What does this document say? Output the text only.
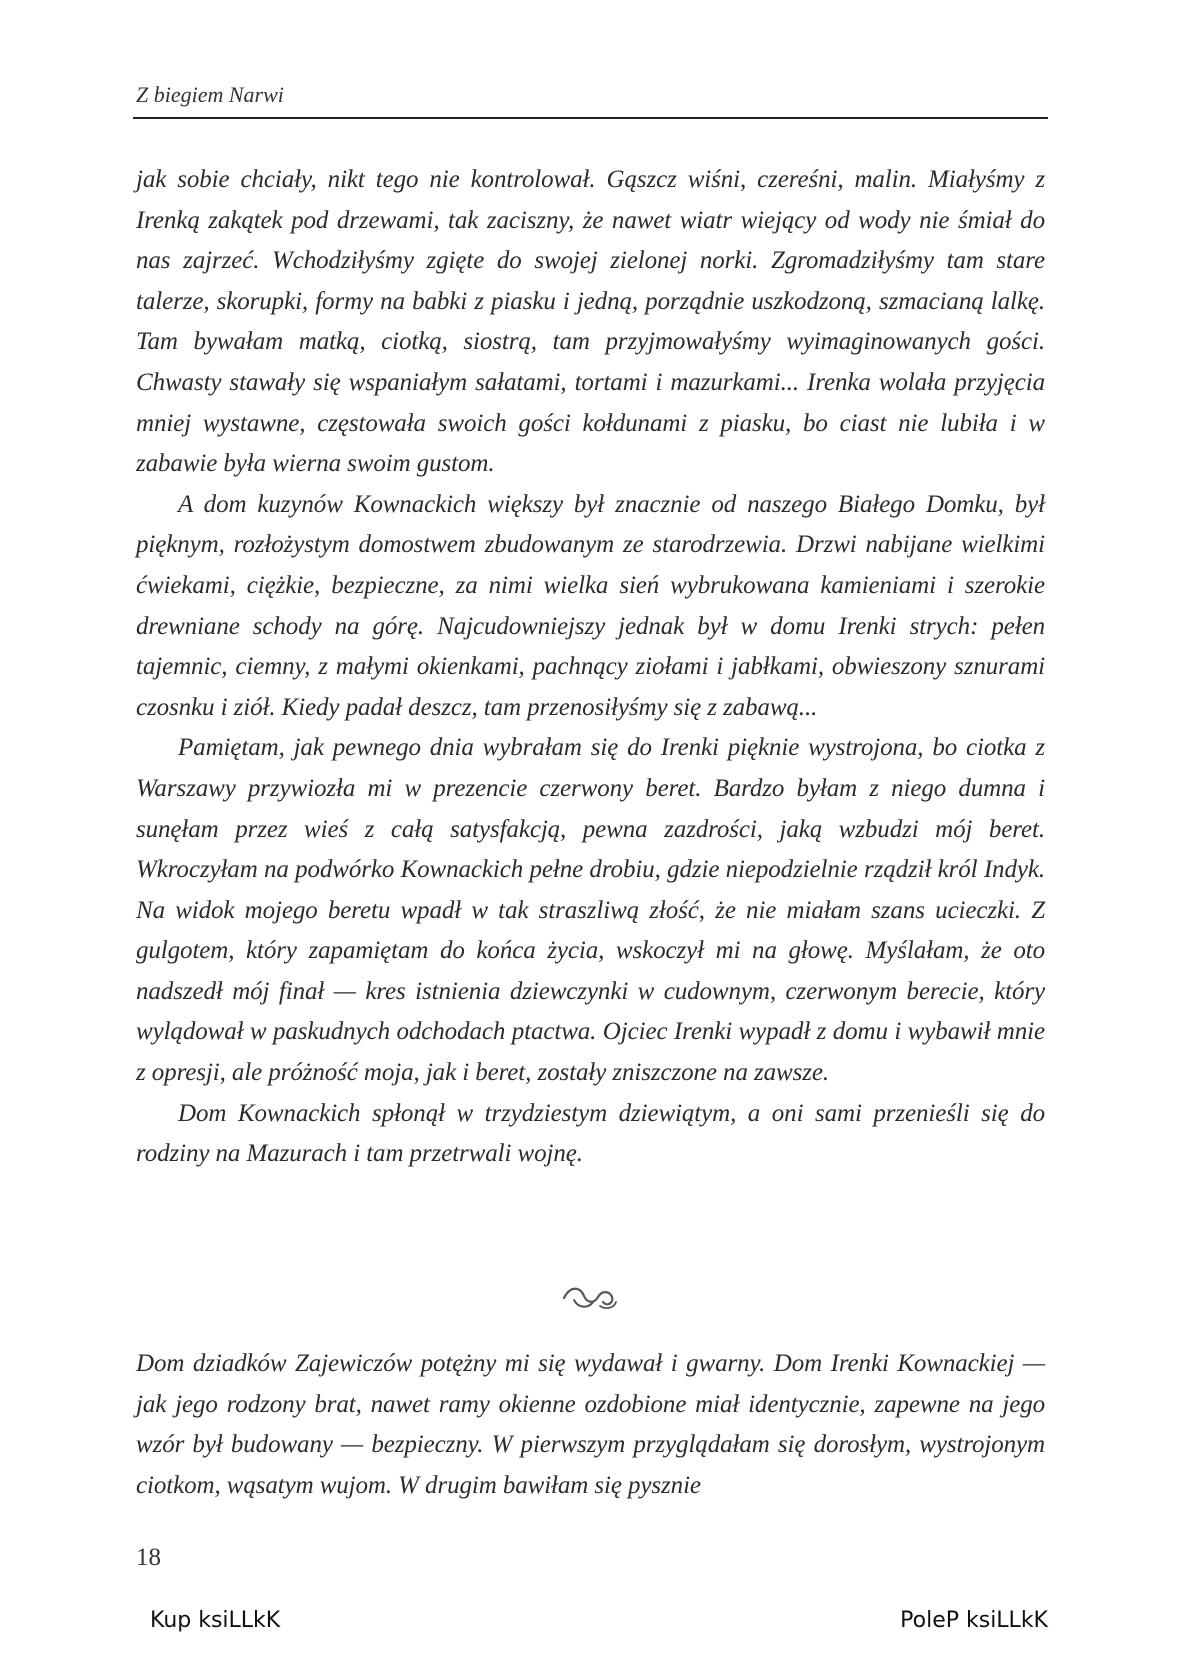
Z biegiem Narwi

jak sobie chciały, nikt tego nie kontrolował. Gąszcz wiśni, czereśni, malin. Miałyśmy z Irenką zakątek pod drzewami, tak zaciszny, że nawet wiatr wiejący od wody nie śmiał do nas zajrzeć. Wchodziłyśmy zgięte do swojej zielonej norki. Zgromadziłyśmy tam stare talerze, skorupki, formy na babki z piasku i jedną, porządnie uszkodzoną, szmacianą lalkę. Tam bywałam matką, ciotką, siostrą, tam przyjmowałyśmy wyimaginowanych gości. Chwasty stawały się wspaniałym sałatami, tortami i mazurkami... Irenka wolała przyjęcia mniej wystawne, częstowała swoich gości kołdunami z piasku, bo ciast nie lubiła i w zabawie była wierna swoim gustom.

A dom kuzynów Kownackich większy był znacznie od naszego Białego Domku, był pięknym, rozłożystym domostwem zbudowanym ze starodrzewia. Drzwi nabijane wielkimi ćwiekami, ciężkie, bezpieczne, za nimi wielka sień wybrukowana kamieniami i szerokie drewniane schody na górę. Najcudowniejszy jednak był w domu Irenki strych: pełen tajemnic, ciemny, z małymi okienkami, pachnący ziołami i jabłkami, obwieszony sznurami czosnku i ziół. Kiedy padał deszcz, tam przenosiłyśmy się z zabawą...

Pamiętam, jak pewnego dnia wybrałam się do Irenki pięknie wystrojona, bo ciotka z Warszawy przywiozła mi w prezencie czerwony beret. Bardzo byłam z niego dumna i sunęłam przez wieś z całą satysfakcją, pewna zazdrości, jaką wzbudzi mój beret. Wkroczyłam na podwórko Kownackich pełne drobiu, gdzie niepodzielnie rządził król Indyk. Na widok mojego beretu wpadł w tak straszliwą złość, że nie miałam szans ucieczki. Z gulgotem, który zapamiętam do końca życia, wskoczył mi na głowę. Myślałam, że oto nadszedł mój finał — kres istnienia dziewczynki w cudownym, czerwonym berecie, który wylądował w paskudnych odchodach ptactwa. Ojciec Irenki wypadł z domu i wybawił mnie z opresji, ale próżność moja, jak i beret, zostały zniszczone na zawsze.

Dom Kownackich spłonął w trzydziestym dziewiątym, a oni sami przenieśli się do rodziny na Mazurach i tam przetrwali wojnę.

Dom dziadków Zajewiczów potężny mi się wydawał i gwarny. Dom Irenki Kownackiej — jak jego rodzony brat, nawet ramy okienne ozdobione miał identycznie, zapewne na jego wzór był budowany — bezpieczny. W pierwszym przyglądałam się dorosłym, wystrojonym ciotkom, wąsatym wujom. W drugim bawiłam się pysznie

18
Kup ksiLLkK	PoleP ksiLLkK
